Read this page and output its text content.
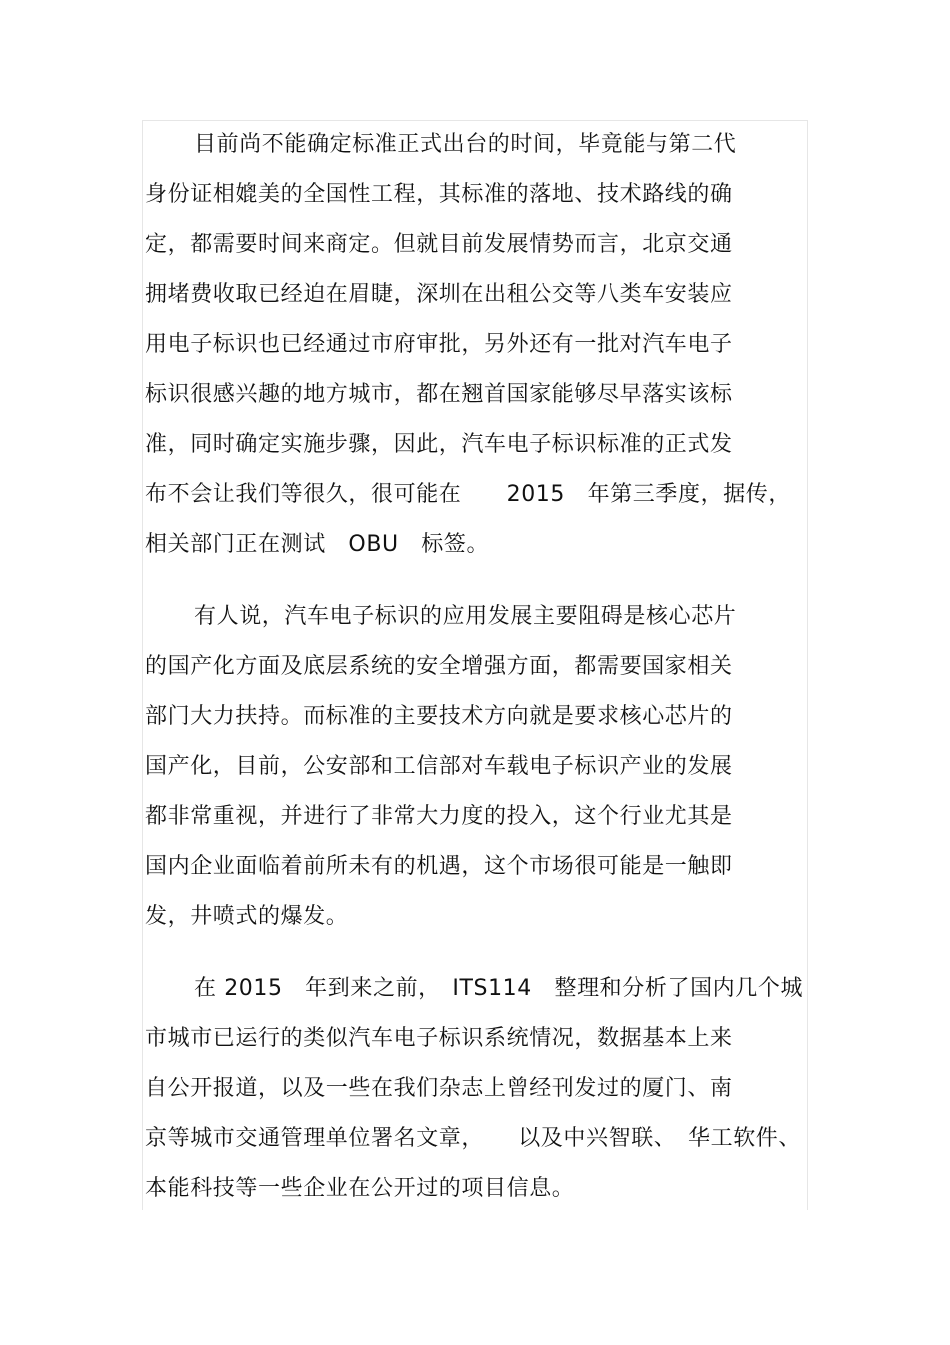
目前尚不能确定标准正式出台的时间，毕竟能与第二代
身份证相媲美的全国性工程，其标准的落地、技术路线的确
定，都需要时间来商定。但就目前发展情势而言，北京交通
拥堵费收取已经迫在眉睫，深圳在出租公交等八类车安装应
用电子标识也已经通过市府审批，另外还有一批对汽车电子
标识很感兴趣的地方城市，都在翘首国家能够尽早落实该标
准，同时确定实施步骤，因此，汽车电子标识标准的正式发
布不会让我们等很久，很可能在　　2015　年第三季度，据传，
相关部门正在测试　OBU　标签。
有人说，汽车电子标识的应用发展主要阻碍是核心芯片
的国产化方面及底层系统的安全增强方面，都需要国家相关
部门大力扶持。而标准的主要技术方向就是要求核心芯片的
国产化，目前，公安部和工信部对车载电子标识产业的发展
都非常重视，并进行了非常大力度的投入，这个行业尤其是
国内企业面临着前所未有的机遇，这个市场很可能是一触即
发，井喷式的爆发。
在 2015　年到来之前，　ITS114　整理和分析了国内几个城
市城市已运行的类似汽车电子标识系统情况，数据基本上来
自公开报道，以及一些在我们杂志上曾经刊发过的厦门、南
京等城市交通管理单位署名文章，　　以及中兴智联、　华工软件、
本能科技等一些企业在公开过的项目信息。
